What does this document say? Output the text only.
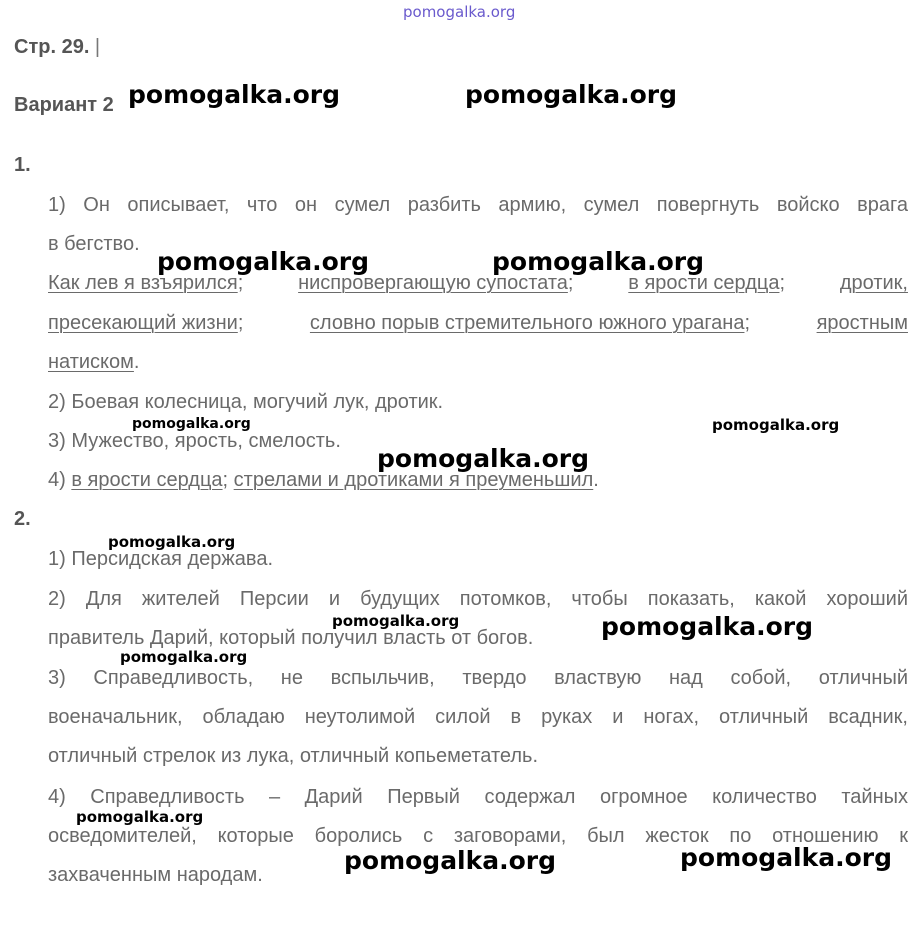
pomogalka.org
Стр. 29. |
Вариант 2
1.
1) Он описывает, что он сумел разбить армию, сумел повергнуть войско врага
в бегство.
Как лев я взъярился;	ниспровергающую супостата;	в ярости сердца;	дротик,
пресекающий жизни;	словно порыв стремительного южного урагана;	яростным
натиском.
2) Боевая колесница, могучий лук, дротик.
3) Мужество, ярость, смелость.
4) в ярости сердца; стрелами и дротиками я преуменьшил.
2.
1) Персидская держава.
2) Для жителей Персии и будущих потомков, чтобы показать, какой хороший
правитель Дарий, который получил власть от богов.
3) Справедливость, не вспыльчив, твердо властвую над собой, отличный
военачальник, обладаю неутолимой силой в руках и ногах, отличный всадник,
отличный стрелок из лука, отличный копьеметатель.
4) Справедливость – Дарий Первый содержал огромное количество тайных
осведомителей, которые боролись с заговорами, был жесток по отношению к
захваченным народам.
pomogalka.org	pomogalka.org
pomogalka.org	pomogalka.org
pomogalka.org	pomogalka.org
pomogalka.org
pomogalka.org
pomogalka.org	pomogalka.org
pomogalka.org
pomogalka.org
pomogalka.org	pomogalka.org
